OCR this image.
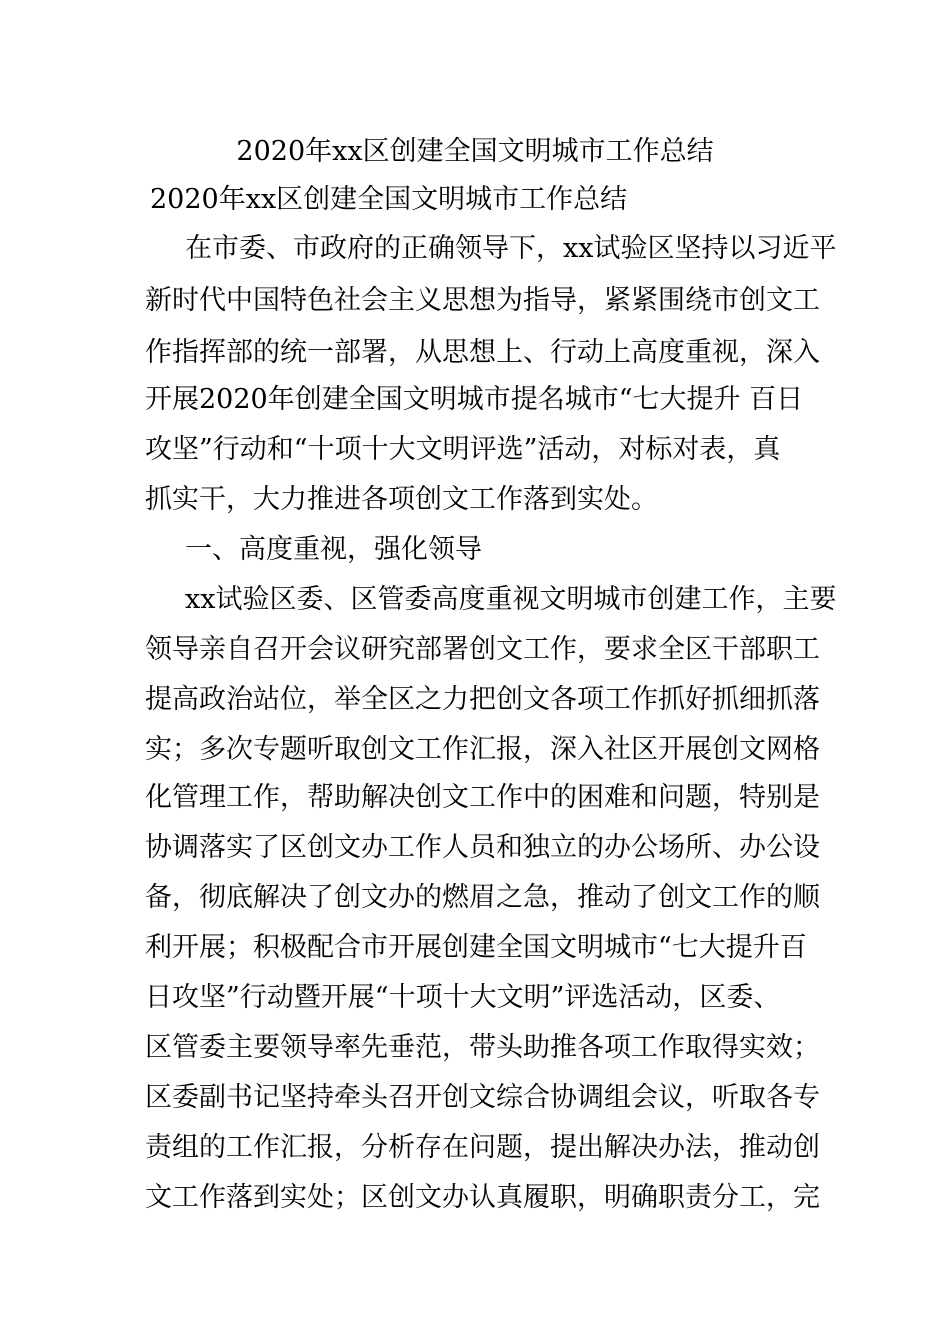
2020年xx区创建全国文明城市工作总结
2020年xx区创建全国文明城市工作总结
在市委、市政府的正确领导下，xx试验区坚持以习近平
新时代中国特色社会主义思想为指导，紧紧围绕市创文工
作指挥部的统一部署，从思想上、行动上高度重视，深入
开展2020年创建全国文明城市提名城市“七大提升 百日
攻坚”行动和“十项十大文明评选”活动，对标对表，真
抓实干，大力推进各项创文工作落到实处。
一、高度重视，强化领导
xx试验区委、区管委高度重视文明城市创建工作，主要
领导亲自召开会议研究部署创文工作，要求全区干部职工
提高政治站位，举全区之力把创文各项工作抓好抓细抓落
实；多次专题听取创文工作汇报，深入社区开展创文网格
化管理工作，帮助解决创文工作中的困难和问题，特别是
协调落实了区创文办工作人员和独立的办公场所、办公设
备，彻底解决了创文办的燃眉之急，推动了创文工作的顺
利开展；积极配合市开展创建全国文明城市“七大提升百
日攻坚”行动暨开展“十项十大文明”评选活动，区委、
区管委主要领导率先垂范，带头助推各项工作取得实效；
区委副书记坚持牵头召开创文综合协调组会议，听取各专
责组的工作汇报，分析存在问题，提出解决办法，推动创
文工作落到实处；区创文办认真履职，明确职责分工，完
